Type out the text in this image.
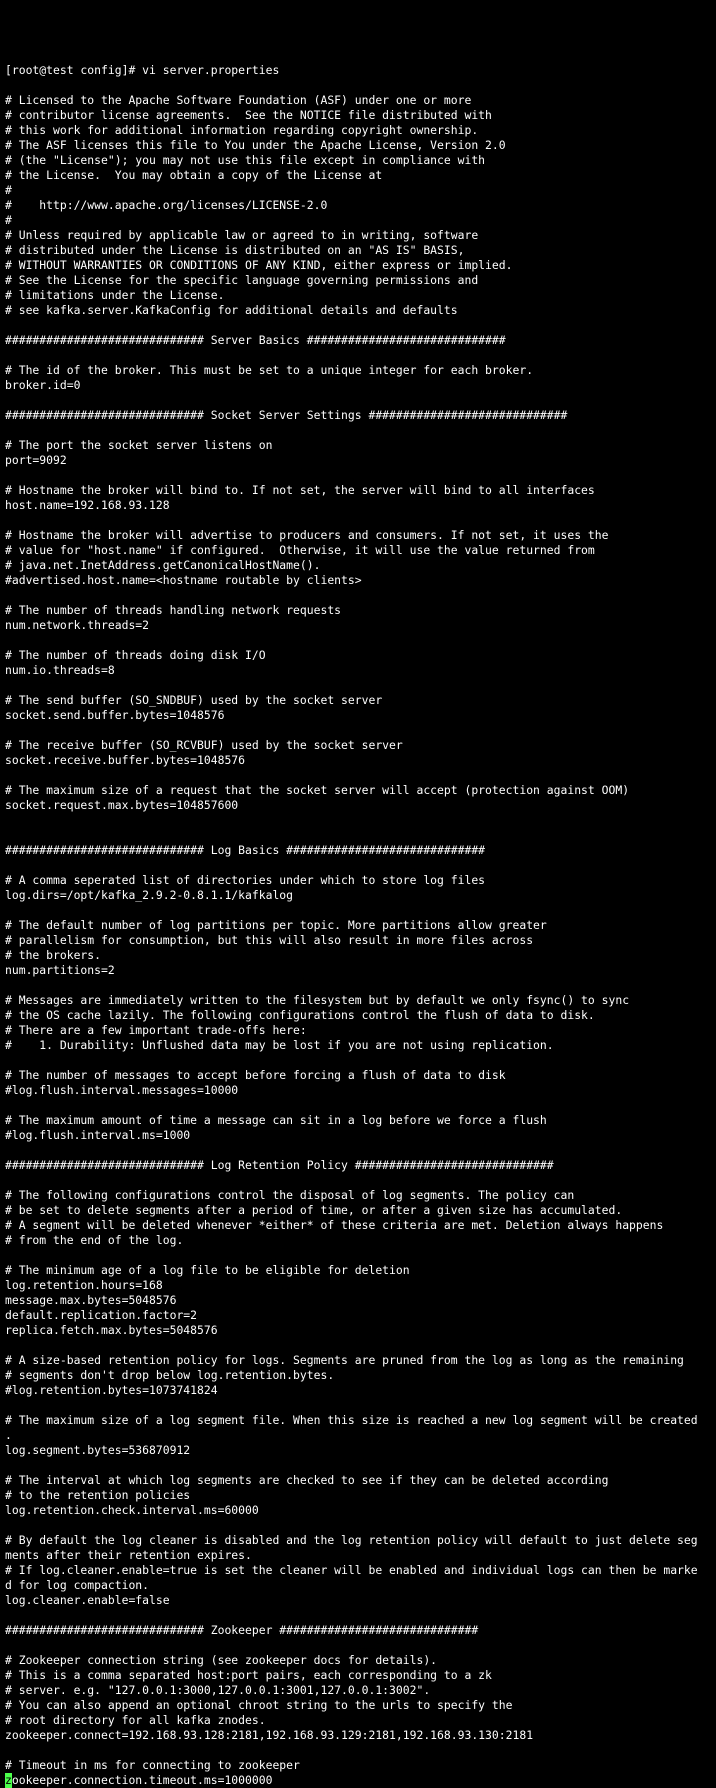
[root@test config]# vi server.properties
# Licensed to the Apache Software Foundation (ASF) under one or more
# contributor license agreements.  See the NOTICE file distributed with
# this work for additional information regarding copyright ownership.
# The ASF licenses this file to You under the Apache License, Version 2.0
# (the "License"); you may not use this file except in compliance with
# the License.  You may obtain a copy of the License at
#
#    http://www.apache.org/licenses/LICENSE-2.0
#
# Unless required by applicable law or agreed to in writing, software
# distributed under the License is distributed on an "AS IS" BASIS,
# WITHOUT WARRANTIES OR CONDITIONS OF ANY KIND, either express or implied.
# See the License for the specific language governing permissions and
# limitations under the License.
# see kafka.server.KafkaConfig for additional details and defaults
############################# Server Basics #############################
# The id of the broker. This must be set to a unique integer for each broker.
broker.id=0
############################# Socket Server Settings #############################
# The port the socket server listens on
port=9092
# Hostname the broker will bind to. If not set, the server will bind to all interfaces
host.name=192.168.93.128
# Hostname the broker will advertise to producers and consumers. If not set, it uses the
# value for "host.name" if configured.  Otherwise, it will use the value returned from
# java.net.InetAddress.getCanonicalHostName().
#advertised.host.name=<hostname routable by clients>
# The number of threads handling network requests
num.network.threads=2
# The number of threads doing disk I/O
num.io.threads=8
# The send buffer (SO_SNDBUF) used by the socket server
socket.send.buffer.bytes=1048576
# The receive buffer (SO_RCVBUF) used by the socket server
socket.receive.buffer.bytes=1048576
# The maximum size of a request that the socket server will accept (protection against OOM)
socket.request.max.bytes=104857600
############################# Log Basics #############################
# A comma seperated list of directories under which to store log files
log.dirs=/opt/kafka_2.9.2-0.8.1.1/kafkalog
# The default number of log partitions per topic. More partitions allow greater
# parallelism for consumption, but this will also result in more files across
# the brokers.
num.partitions=2
# Messages are immediately written to the filesystem but by default we only fsync() to sync
# the OS cache lazily. The following configurations control the flush of data to disk.
# There are a few important trade-offs here:
#    1. Durability: Unflushed data may be lost if you are not using replication.
# The number of messages to accept before forcing a flush of data to disk
#log.flush.interval.messages=10000
# The maximum amount of time a message can sit in a log before we force a flush
#log.flush.interval.ms=1000
############################# Log Retention Policy #############################
# The following configurations control the disposal of log segments. The policy can
# be set to delete segments after a period of time, or after a given size has accumulated.
# A segment will be deleted whenever *either* of these criteria are met. Deletion always happens
# from the end of the log.
# The minimum age of a log file to be eligible for deletion
log.retention.hours=168
message.max.bytes=5048576
default.replication.factor=2
replica.fetch.max.bytes=5048576
# A size-based retention policy for logs. Segments are pruned from the log as long as the remaining
# segments don't drop below log.retention.bytes.
#log.retention.bytes=1073741824
# The maximum size of a log segment file. When this size is reached a new log segment will be created
.
log.segment.bytes=536870912
# The interval at which log segments are checked to see if they can be deleted according
# to the retention policies
log.retention.check.interval.ms=60000
# By default the log cleaner is disabled and the log retention policy will default to just delete seg
ments after their retention expires.
# If log.cleaner.enable=true is set the cleaner will be enabled and individual logs can then be marke
d for log compaction.
log.cleaner.enable=false
############################# Zookeeper #############################
# Zookeeper connection string (see zookeeper docs for details).
# This is a comma separated host:port pairs, each corresponding to a zk
# server. e.g. "127.0.0.1:3000,127.0.0.1:3001,127.0.0.1:3002".
# You can also append an optional chroot string to the urls to specify the
# root directory for all kafka znodes.
zookeeper.connect=192.168.93.128:2181,192.168.93.129:2181,192.168.93.130:2181
# Timeout in ms for connecting to zookeeper
zookeeper.connection.timeout.ms=1000000
